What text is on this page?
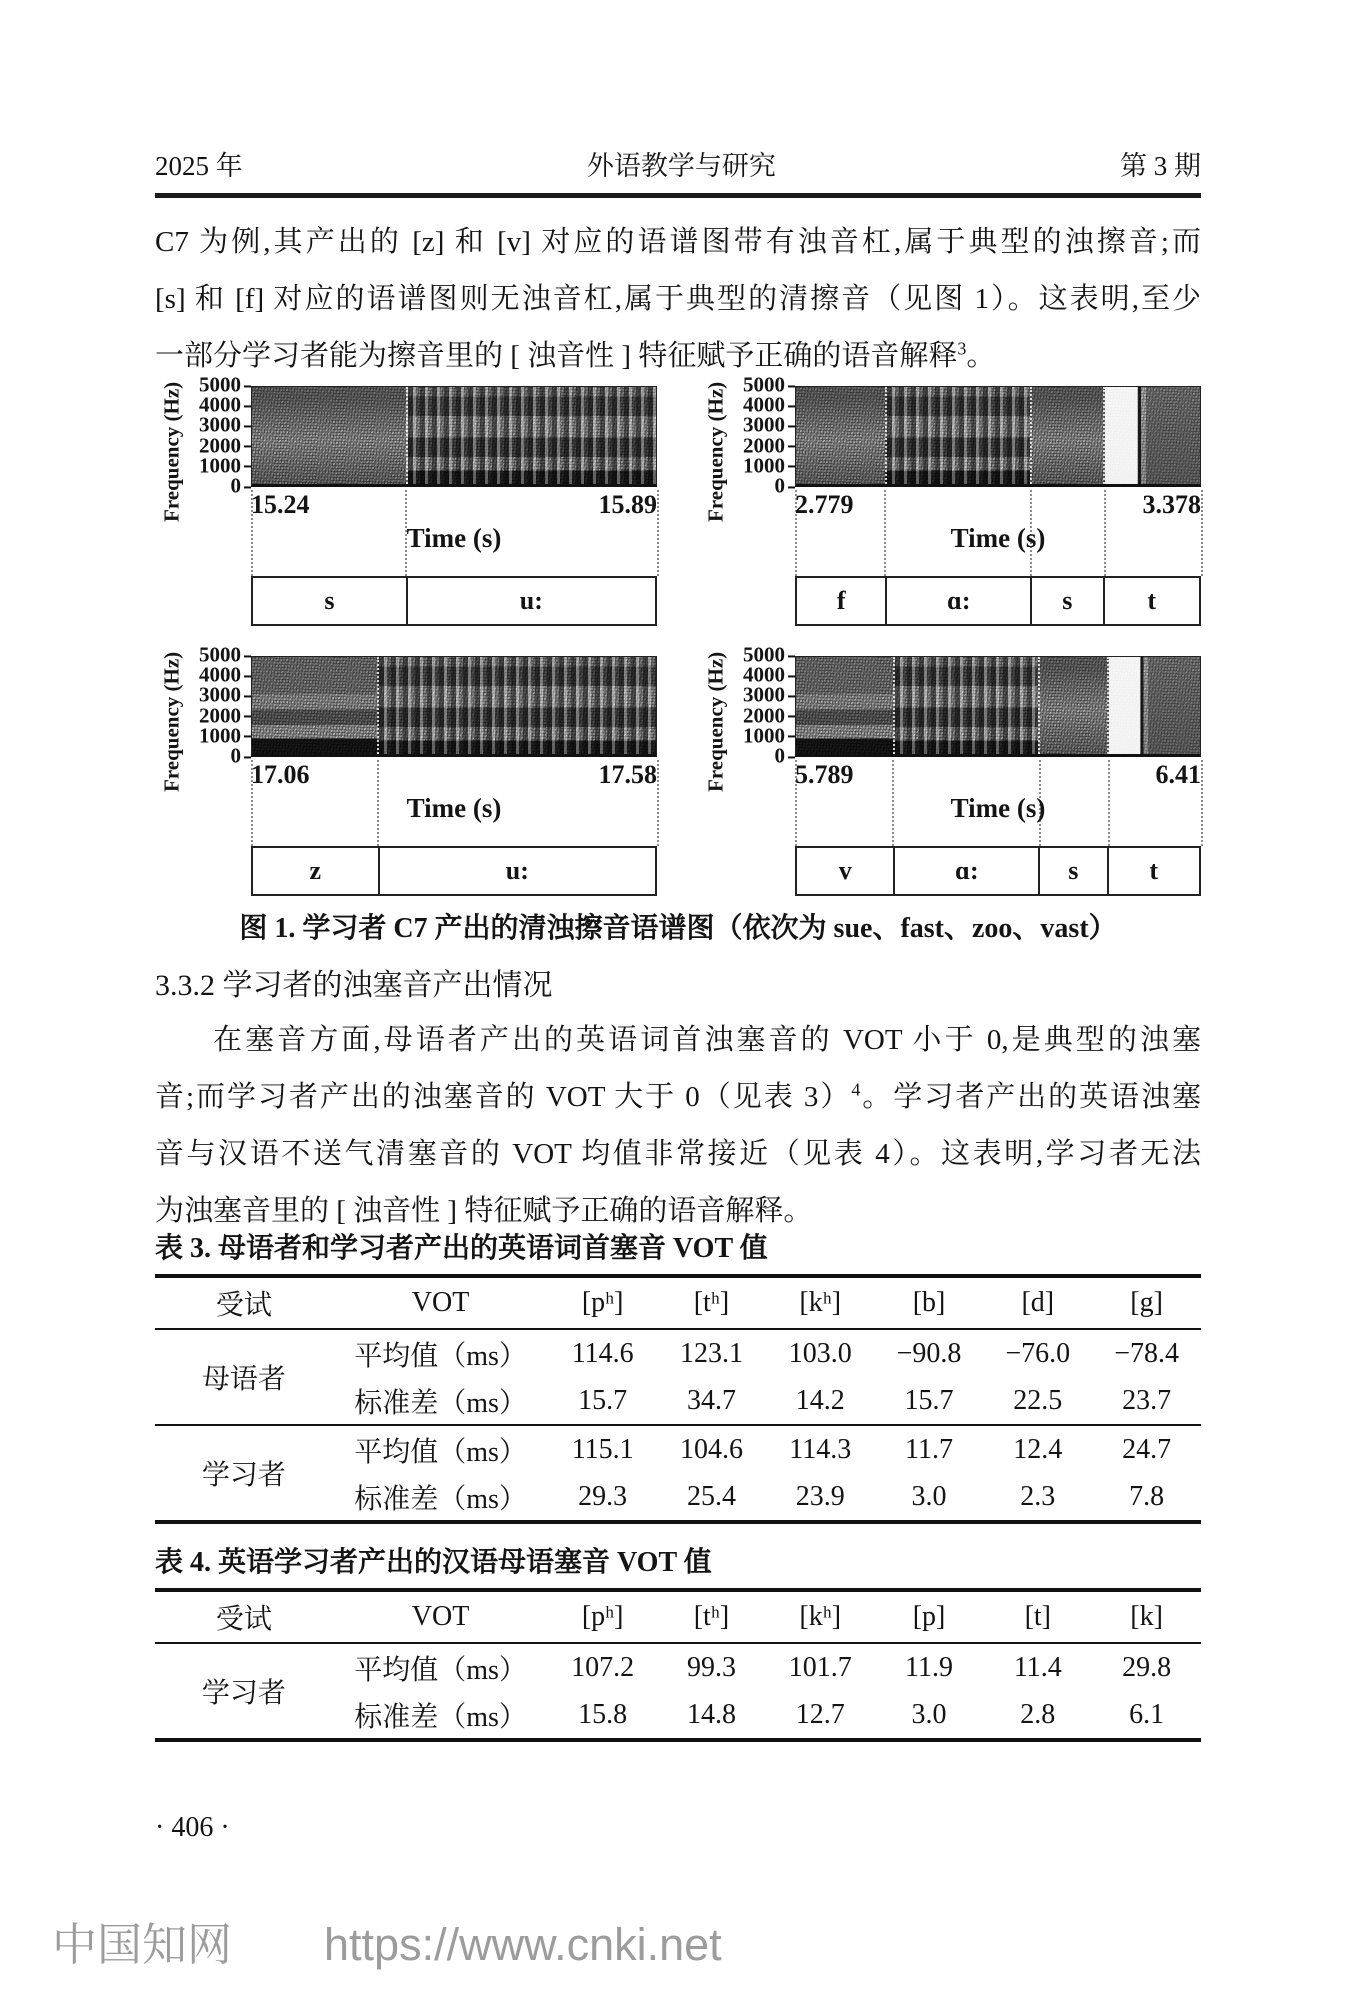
2025 年	外语教学与研究	第 3 期
C7 为例,其产出的 [z] 和 [v] 对应的语谱图带有浊音杠,属于典型的浊擦音;而
[s] 和 [f] 对应的语谱图则无浊音杠,属于典型的清擦音（见图 1）。这表明,至少
一部分学习者能为擦音里的 [ 浊音性 ] 特征赋予正确的语音解释$^3$。
Frequency (Hz) 5000
4000
3000
2000
1000
0
15.24	15.89
Time (s)
s	u:
Frequency (Hz) 5000
4000
3000
2000
1000
0
2.779	3.378
Time (s)
f	ɑ:	s	t
Frequency (Hz) 5000
4000
3000
2000
1000
0
17.06	17.58
Time (s)
z	u:
Frequency (Hz) 5000
4000
3000
2000
1000
0
5.789	6.41
Time (s)
v	ɑ:	s	t
图 1. 学习者 C7 产出的清浊擦音语谱图（依次为 sue、fast、zoo、vast）
3.3.2 学习者的浊塞音产出情况
在塞音方面,母语者产出的英语词首浊塞音的 VOT 小于 0,是典型的浊塞
音;而学习者产出的浊塞音的 VOT 大于 0（见表 3）$^4$。学习者产出的英语浊塞
音与汉语不送气清塞音的 VOT 均值非常接近（见表 4）。这表明,学习者无法
为浊塞音里的 [ 浊音性 ] 特征赋予正确的语音解释。

表 3. 母语者和学习者产出的英语词首塞音 VOT 值

受试	VOT	[pʰ]	[tʰ]	[kʰ]	[b]	[d]	[g]
母语者	平均值（ms）	114.6	123.1	103.0	−90.8	−76.0	−78.4
	标准差（ms）	15.7	34.7	14.2	15.7	22.5	23.7
学习者	平均值（ms）	115.1	104.6	114.3	11.7	12.4	24.7
	标准差（ms）	29.3	25.4	23.9	3.0	2.3	7.8

表 4. 英语学习者产出的汉语母语塞音 VOT 值

受试	VOT	[pʰ]	[tʰ]	[kʰ]	[p]	[t]	[k]
学习者	平均值（ms）	107.2	99.3	101.7	11.9	11.4	29.8
	标准差（ms）	15.8	14.8	12.7	3.0	2.8	6.1
· 406 ·
中国知网 https://www.cnki.net
